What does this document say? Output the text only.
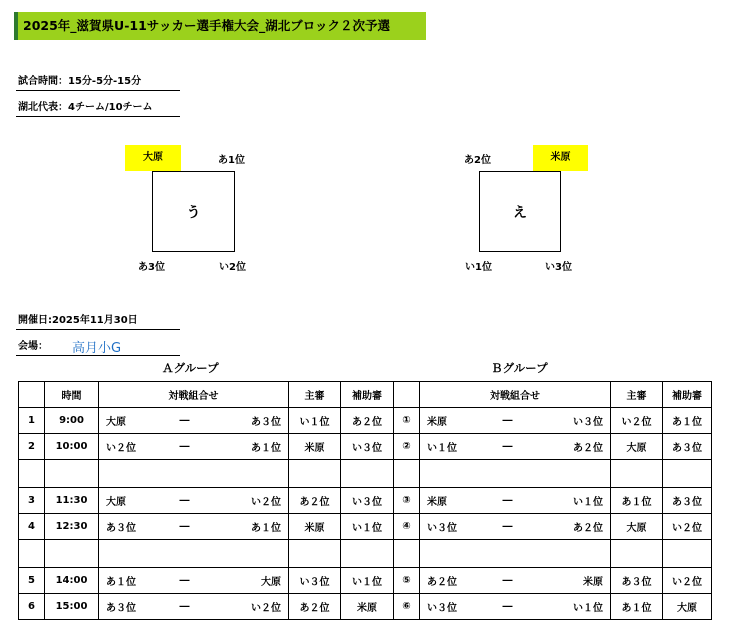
2025年_滋賀県U-11サッカー選手権大会_湖北ブロック２次予選
試合時間：15分-5分-15分
湖北代表：4チーム/10チーム
大原	あ1位
う
あ3位	い2位
あ2位	米原
え
い1位	い3位
開催日:2025年11月30日
会場： 高月小G
Ａグループ	Ｂグループ
	時間	対戦組合せ			主審	補助審		対戦組合せ			主審	補助審
1	9:00	大原	―	あ３位	い１位	あ２位	①	米原	―	い３位	い２位	あ１位
2	10:00	い２位	―	あ１位	米原	い３位	②	い１位	―	あ２位	大原	あ３位

3	11:30	大原	―	い２位	あ２位	い３位	③	米原	―	い１位	あ１位	あ３位
4	12:30	あ３位	―	あ１位	米原	い１位	④	い３位	―	あ２位	大原	い２位

5	14:00	あ１位	―	大原	い３位	い１位	⑤	あ２位	―	米原	あ３位	い２位
6	15:00	あ３位	―	い２位	あ２位	米原	⑥	い３位	―	い１位	あ１位	大原
